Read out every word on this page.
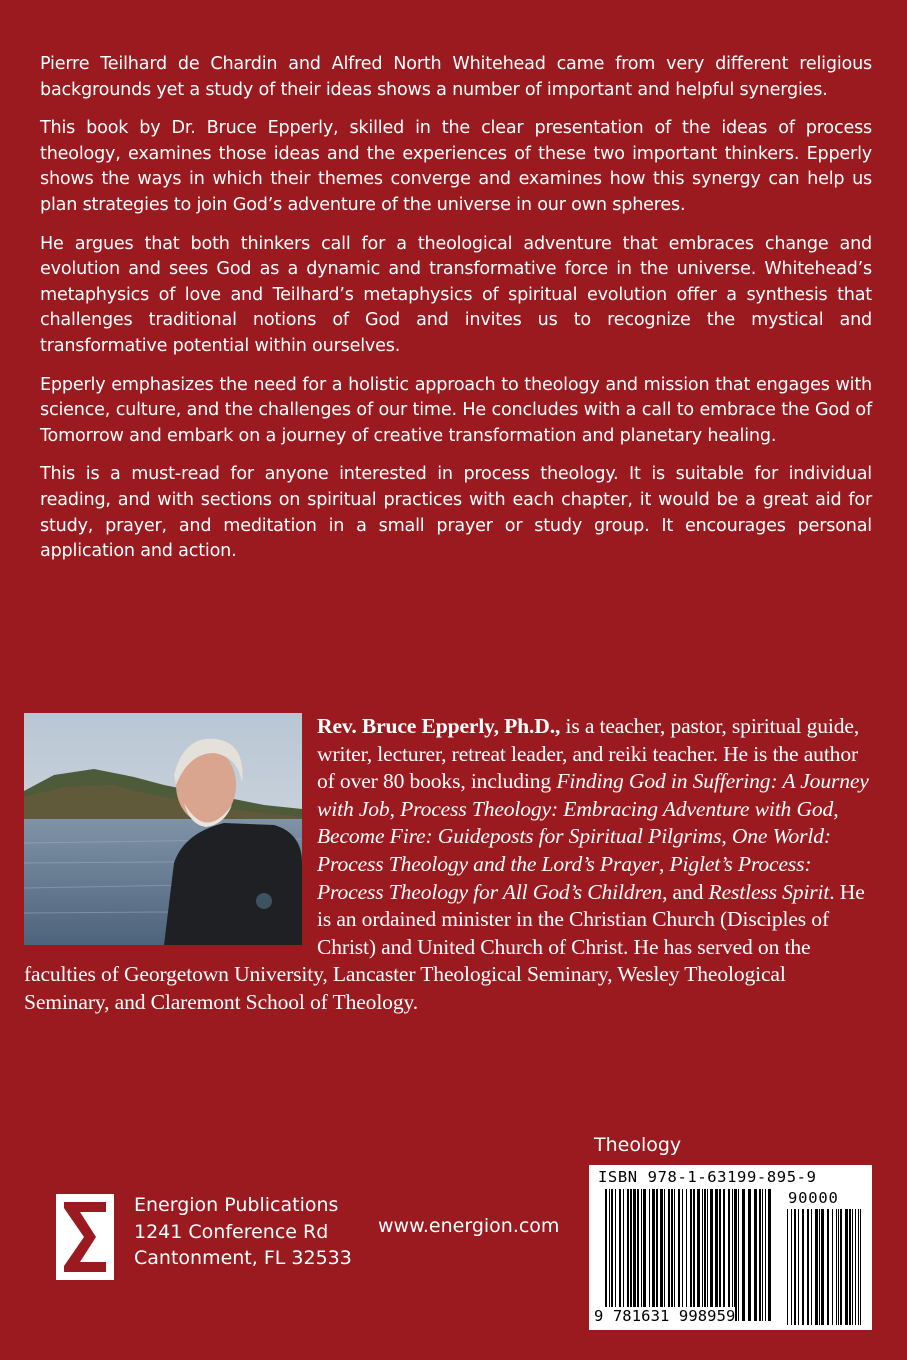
Pierre Teilhard de Chardin and Alfred North Whitehead came from very different religious backgrounds yet a study of their ideas shows a number of important and helpful synergies.

This book by Dr. Bruce Epperly, skilled in the clear presentation of the ideas of process theology, examines those ideas and the experiences of these two important thinkers. Epperly shows the ways in which their themes converge and examines how this synergy can help us plan strategies to join God’s adventure of the universe in our own spheres.

He argues that both thinkers call for a theological adventure that embraces change and evolution and sees God as a dynamic and transformative force in the universe. Whitehead’s metaphysics of love and Teilhard’s metaphysics of spiritual evolution offer a synthesis that challenges traditional notions of God and invites us to recognize the mystical and transformative potential within ourselves.

Epperly emphasizes the need for a holistic approach to theology and mission that engages with science, culture, and the challenges of our time. He concludes with a call to embrace the God of Tomorrow and embark on a journey of creative transformation and planetary healing.

This is a must-read for anyone interested in process theology. It is suitable for individual reading, and with sections on spiritual practices with each chapter, it would be a great aid for study, prayer, and meditation in a small prayer or study group. It encourages personal application and action.

Rev. Bruce Epperly, Ph.D., is a teacher, pastor, spiritual guide, writer, lecturer, retreat leader, and reiki teacher. He is the author of over 80 books, including Finding God in Suffering: A Journey with Job, Process Theology: Embracing Adventure with God, Become Fire: Guideposts for Spiritual Pilgrims, One World: Process Theology and the Lord’s Prayer, Piglet’s Process: Process Theology for All God’s Children, and Restless Spirit. He is an ordained minister in the Christian Church (Disciples of Christ) and United Church of Christ. He has served on the faculties of Georgetown University, Lancaster Theological Seminary, Wesley Theological Seminary, and Claremont School of Theology.
Theology
Energion Publications
1241 Conference Rd
Cantonment, FL 32533
www.energion.com
ISBN 978-1-63199-895-9
90000
9 781631 998959
